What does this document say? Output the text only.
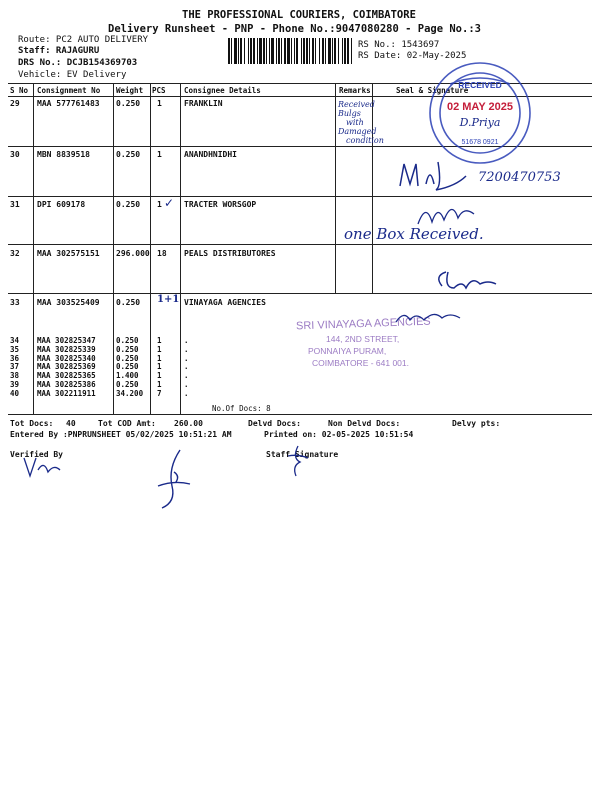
THE PROFESSIONAL COURIERS, COIMBATORE
Delivery Runsheet - PNP - Phone No.:9047080280 - Page No.:3
Route: PC2 AUTO DELIVERY
Staff: RAJAGURU
DRS No.: DCJB154369703
Vehicle: EV Delivery
RS No.: 1543697
RS Date: 02-May-2025
S No Consignment No Weight PCS Consignee Details	Remarks	Seal & Signature
29 MAA 577761483 0.250 1	FRANKLIN
30 MBN 8839518	0.250 1	ANANDHNIDHI
31 DPI 609178	0.250 1	TRACTER WORSGOP
32 MAA 302575151 296.000 18 PEALS DISTRIBUTORES
33 MAA 303525409 0.250 1+1 VINAYAGA AGENCIES
34 MAA 302825347	0.250 1	.
35 MAA 302825339	0.250 1	.
36 MAA 302825340	0.250 1	.
37 MAA 302825369	0.250 1	.
38 MAA 302825365	1.400 1	.
39 MAA 302825386	0.250 1	.
40 MAA 302211911	34.200 7	.
No.Of Docs: 8
Tot Docs: 40	Tot COD Amt: 260.00	Delvd Docs:	Non Delvd Docs:	Delvy pts:
Entered By :PNPRUNSHEET 05/02/2025 10:51:21 AM	Printed on: 02-05-2025 10:51:54
Verified By	Staff Signature
Received
Bulgs
with
Damaged
condition
RECEIVED
02 MAY 2025
D.Priya
51678 0921
7200470753
✓
one Box Received.
SRI VINAYAGA AGENCIES
144, 2ND STREET,
PONNAIYA PURAM,
COIMBATORE - 641 001.
